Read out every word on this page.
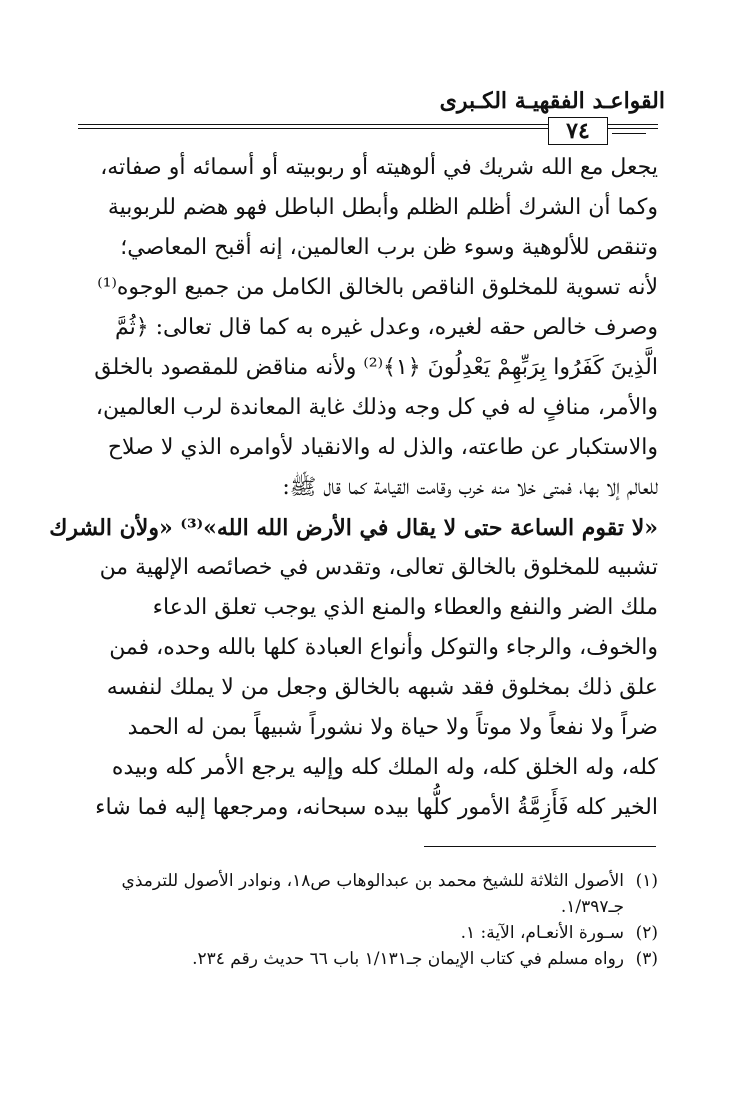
القواعـد الفقهيـة الكـبرى
٧٤
يجعل مع الله شريك في ألوهيته أو ربوبيته أو أسمائه أو صفاته،
وكما أن الشرك أظلم الظلم وأبطل الباطل فهو هضم للربوبية
وتنقص للألوهية وسوء ظن برب العالمين، إنه أقبح المعاصي؛
لأنه تسوية للمخلوق الناقص بالخالق الكامل من جميع الوجوه⁽¹⁾
وصرف خالص حقه لغيره، وعدل غيره به كما قال تعالى: ﴿ثُمَّ
الَّذِينَ كَفَرُوا بِرَبِّهِمْ يَعْدِلُونَ ﴿١﴾⁽²⁾ ولأنه مناقض للمقصود بالخلق
والأمر، منافٍ له في كل وجه وذلك غاية المعاندة لرب العالمين،
والاستكبار عن طاعته، والذل له والانقياد لأوامره الذي لا صلاح
للعالم إلا بها، فمتى خلا منه خرب وقامت القيامة كما قال ﷺ:
«لا تقوم الساعة حتى لا يقال في الأرض الله الله»⁽³⁾ «ولأن الشرك
تشبيه للمخلوق بالخالق تعالى، وتقدس في خصائصه الإلهية من
ملك الضر والنفع والعطاء والمنع الذي يوجب تعلق الدعاء
والخوف، والرجاء والتوكل وأنواع العبادة كلها بالله وحده، فمن
علق ذلك بمخلوق فقد شبهه بالخالق وجعل من لا يملك لنفسه
ضراً ولا نفعاً ولا موتاً ولا حياة ولا نشوراً شبيهاً بمن له الحمد
كله، وله الخلق كله، وله الملك كله وإليه يرجع الأمر كله وبيده
الخير كله فَأَزِمَّةُ الأمور كلُّها بيده سبحانه، ومرجعها إليه فما شاء
(١)الأصول الثلاثة للشيخ محمد بن عبدالوهاب ص١٨، ونوادر الأصول للترمذي
جـ١/٣٩٧.
(٢)سـورة الأنعـام، الآية: ١.
(٣)رواه مسلم في كتاب الإيمان جـ١/١٣١ باب ٦٦ حديث رقم ٢٣٤.
